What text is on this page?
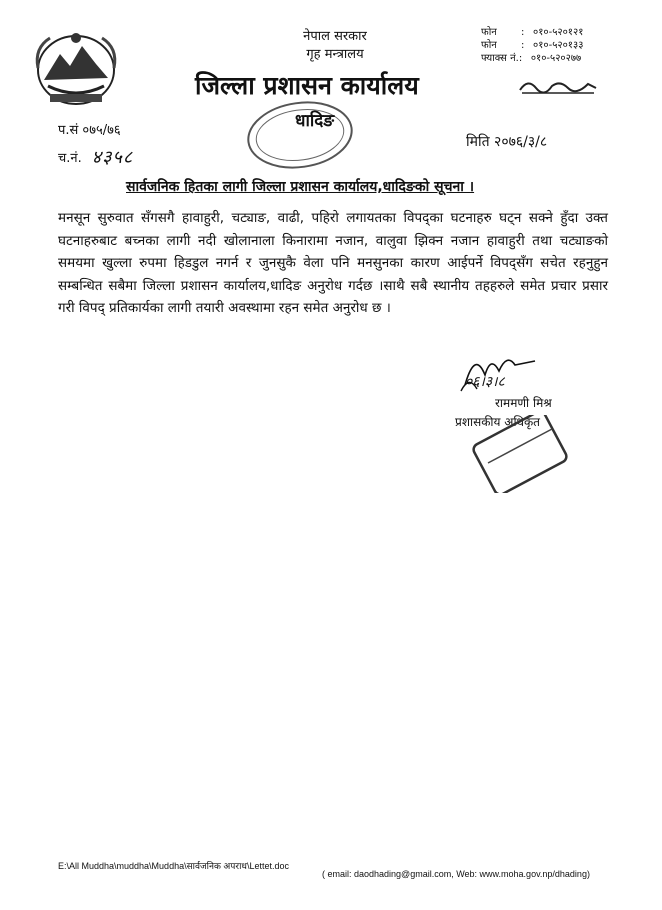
नेपाल सरकार
गृह मन्त्रालय
फोन	: ०१०-५२०१२१
फोन	: ०१०-५२०१३३
फ्याक्स नं. : ०१०-५२०२७७
जिल्ला प्रशासन कार्यालय
धादिङ
प.सं ०७५/७६
मिति २०७६/३/८
च.नं. ४३५८
सार्वजनिक हितका लागी जिल्ला प्रशासन कार्यालय,धादिङको सूचना ।
मनसून सुरुवात सँगसगै हावाहुरी, चट्याङ, वाढी, पहिरो लगायतका विपद्का घटनाहरु घट्न सक्ने हुँदा उक्त घटनाहरुबाट बच्नका लागी नदी खोलानाला किनारामा नजान, वालुवा झिक्न नजान हावाहुरी तथा चट्याङको समयमा खुल्ला रुपमा हिडडुल नगर्न र जुनसुकै वेला पनि मनसुनका कारण आईपर्ने विपद्सँग सचेत रहनुहुन सम्बन्धित सबैमा जिल्ला प्रशासन कार्यालय,धादिङ अनुरोध गर्दछ ।साथै सबै स्थानीय तहहरुले समेत प्रचार प्रसार गरी विपद् प्रतिकार्यका लागी तयारी अवस्थामा रहन समेत अनुरोध छ ।
०६।३।८
राममणी मिश्र
प्रशासकीय अधिकृत
E:\All Muddha\muddha\Muddha\सार्वजनिक अपराध\Lettet.doc
( email: daodhading@gmail.com, Web: www.moha.gov.np/dhading)
